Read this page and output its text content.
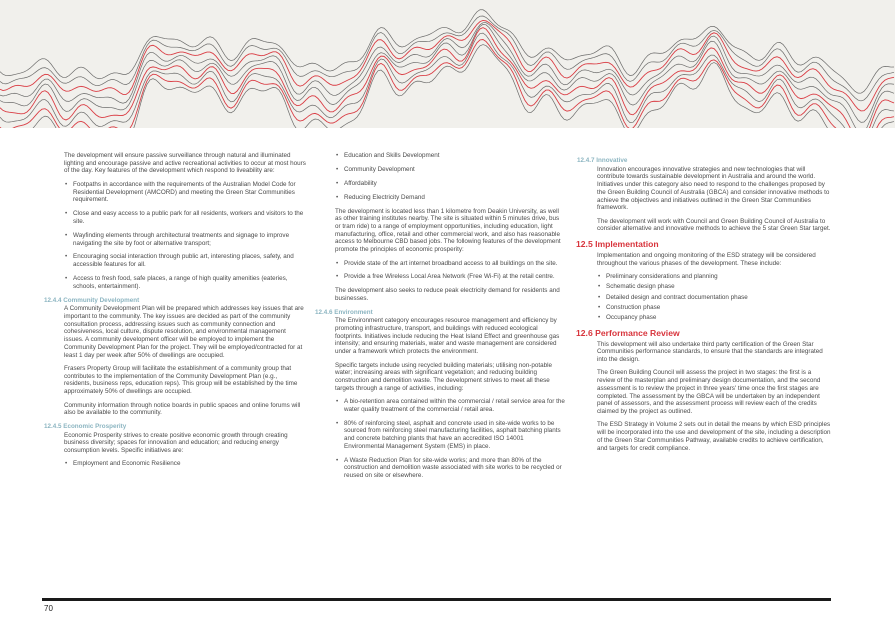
The development will ensure passive surveillance through natural and illuminated lighting and encourage passive and active recreational activities to occur at most hours of the day. Key features of the development which respond to liveability are:

• Footpaths in accordance with the requirements of the Australian Model Code for Residential Development (AMCORD) and meeting the Green Star Communities requirement.
• Close and easy access to a public park for all residents, workers and visitors to the site.
• Wayfinding elements through architectural treatments and signage to improve navigating the site by foot or alternative transport;
• Encouraging social interaction through public art, interesting places, safety, and accessible features for all.
• Access to fresh food, safe places, a range of high quality amenities (eateries, schools, entertainment).
12.4.4 Community Development

A Community Development Plan will be prepared which addresses key issues that are important to the community. The key issues are decided as part of the community consultation process, addressing issues such as community connection and cohesiveness, local culture, dispute resolution, and environmental management issues. A community development officer will be employed to implement the Community Development Plan for the project. They will be employed/contracted for at least 1 day per week after 50% of dwellings are occupied.

Frasers Property Group will facilitate the establishment of a community group that contributes to the implementation of the Community Development Plan (e.g., residents, business reps, education reps). This group will be established by the time approximately 50% of dwellings are occupied.

Community information through notice boards in public spaces and online forums will also be available to the community.

12.4.5 Economic Prosperity

Economic Prosperity strives to create positive economic growth through creating business diversity; spaces for innovation and education; and reducing energy consumption levels. Specific initiatives are:

• Employment and Economic Resilience
• Education and Skills Development
• Community Development
• Affordability
• Reducing Electricity Demand

The development is located less than 1 kilometre from Deakin University, as well as other training institutes nearby. The site is situated within 5 minutes drive, bus or tram ride) to a range of employment opportunities, including education, light manufacturing, office, retail and other commercial work, and also has reasonable access to Melbourne CBD based jobs. The following features of the development promote the principles of economic prosperity:

• Provide state of the art internet broadband access to all buildings on the site.
• Provide a free Wireless Local Area Network (Free Wi-Fi) at the retail centre.

The development also seeks to reduce peak electricity demand for residents and businesses.

12.4.6 Environment

The Environment category encourages resource management and efficiency by promoting infrastructure, transport, and buildings with reduced ecological footprints. Initiatives include reducing the Heat Island Effect and greenhouse gas intensity; and ensuring materials, water and waste management are considered under a framework which protects the environment.

Specific targets include using recycled building materials; utilising non-potable water; increasing areas with significant vegetation; and reducing building construction and demolition waste. The development strives to meet all these targets through a range of activities, including:

• A bio-retention area contained within the commercial / retail service area for the water quality treatment of the commercial / retail area.
• 80% of reinforcing steel, asphalt and concrete used in site-wide works to be sourced from reinforcing steel manufacturing facilities, asphalt batching plants and concrete batching plants that have an accredited ISO 14001 Environmental Management System (EMS) in place.
• A Waste Reduction Plan for site-wide works; and more than 80% of the construction and demolition waste associated with site works to be recycled or reused on site or elsewhere.
12.4.7 Innovative

Innovation encourages innovative strategies and new technologies that will contribute towards sustainable development in Australia and around the world. Initiatives under this category also need to respond to the challenges proposed by the Green Building Council of Australia (GBCA) and consider innovative methods to achieve the objectives and initiatives outlined in the Green Star Communities framework.

The development will work with Council and Green Building Council of Australia to consider alternative and innovative methods to achieve the 5 star Green Star target.

12.5 Implementation

Implementation and ongoing monitoring of the ESD strategy will be considered throughout the various phases of the development. These include:

• Preliminary considerations and planning
• Schematic design phase
• Detailed design and contract documentation phase
• Construction phase
• Occupancy phase
12.6 Performance Review

This development will also undertake third party certification of the Green Star Communities performance standards, to ensure that the standards are integrated into the design.

The Green Building Council will assess the project in two stages: the first is a review of the masterplan and preliminary design documentation, and the second assessment is to review the project in three years' time once the first stages are completed. The assessment by the GBCA will be undertaken by an independent panel of assessors, and the assessment process will review each of the credits claimed by the project as outlined.

The ESD Strategy in Volume 2 sets out in detail the means by which ESD principles will be incorporated into the use and development of the site, including a description of the Green Star Communities Pathway, available credits to achieve certification, and targets for credit compliance.

70
